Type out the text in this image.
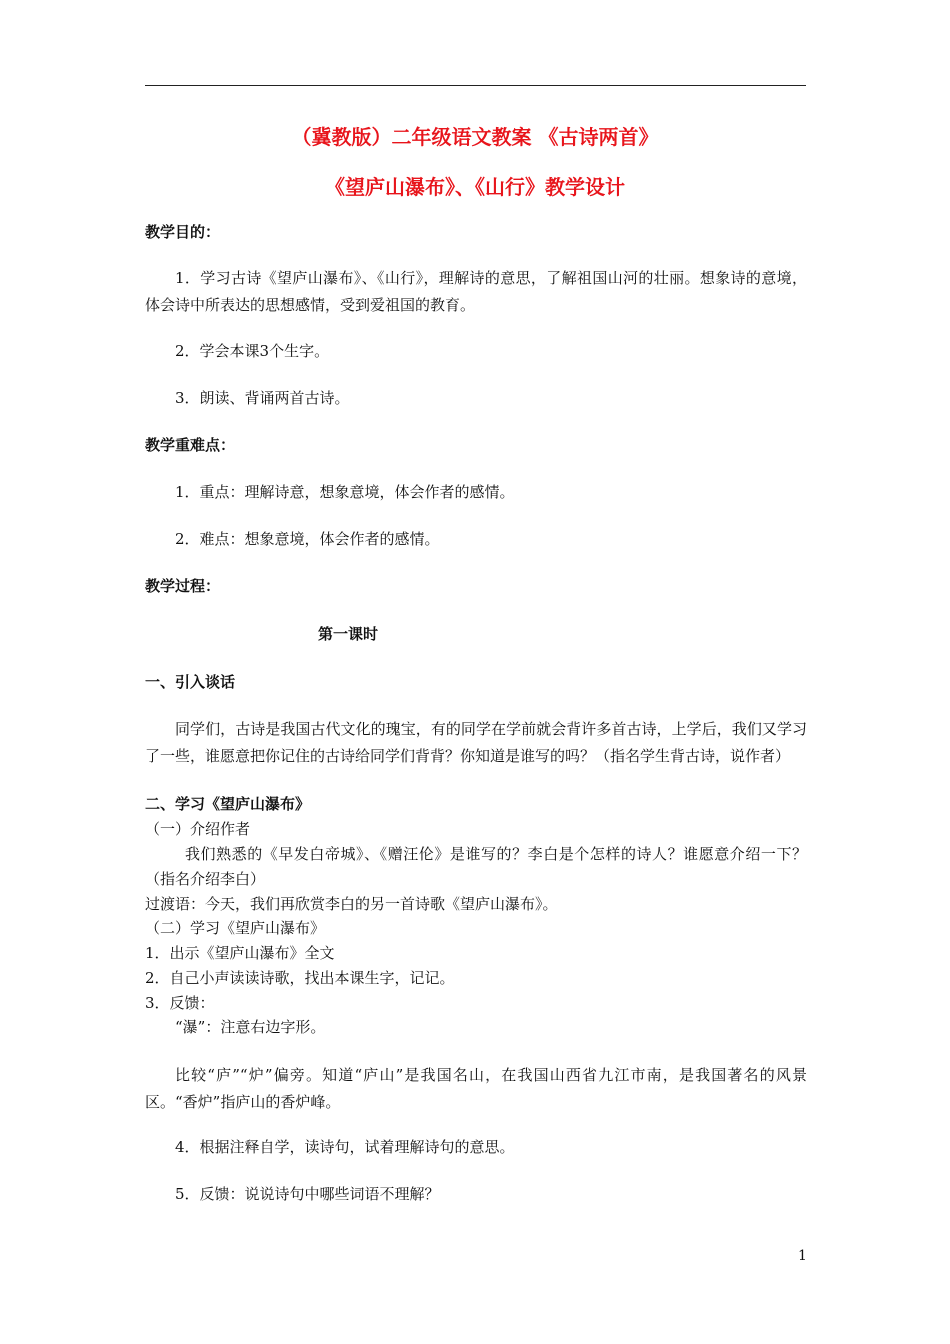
（冀教版）二年级语文教案 《古诗两首》
《望庐山瀑布》、《山行》教学设计
教学目的：
1．学习古诗《望庐山瀑布》、《山行》，理解诗的意思，了解祖国山河的壮丽。想象诗的意境，体会诗中所表达的思想感情，受到爱祖国的教育。
2．学会本课3个生字。
3．朗读、背诵两首古诗。
教学重难点：
1．重点：理解诗意，想象意境，体会作者的感情。
2．难点：想象意境，体会作者的感情。
教学过程：
第一课时
一、引入谈话
同学们，古诗是我国古代文化的瑰宝，有的同学在学前就会背许多首古诗，上学后，我们又学习了一些，谁愿意把你记住的古诗给同学们背背？你知道是谁写的吗？（指名学生背古诗，说作者）
二、学习《望庐山瀑布》
（一）介绍作者
我们熟悉的《早发白帝城》、《赠汪伦》是谁写的？李白是个怎样的诗人？谁愿意介绍一下？（指名介绍李白）
过渡语：今天，我们再欣赏李白的另一首诗歌《望庐山瀑布》。
（二）学习《望庐山瀑布》
1．出示《望庐山瀑布》全文
2．自己小声读读诗歌，找出本课生字，记记。
3．反馈：
“瀑”：注意右边字形。
比较“庐”“炉”偏旁。知道“庐山”是我国名山，在我国山西省九江市南，是我国著名的风景区。“香炉”指庐山的香炉峰。
4．根据注释自学，读诗句，试着理解诗句的意思。
5．反馈：说说诗句中哪些词语不理解？
1
